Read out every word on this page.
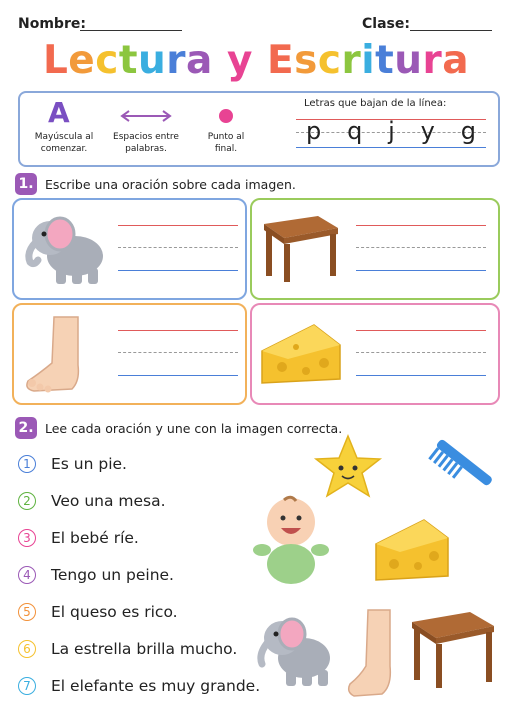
Nombre:	Clase:
Lectura y Escritura
A
Mayúscula al comenzar.
Espacios entre palabras.
Punto al final.
Letras que bajan de la línea:
p q j y g
1. Escribe una oración sobre cada imagen.
2. Lee cada oración y une con la imagen correcta.
1	Es un pie.
2	Veo una mesa.
3	El bebé ríe.
4	Tengo un peine.
5	El queso es rico.
6	La estrella brilla mucho.
7	El elefante es muy grande.
